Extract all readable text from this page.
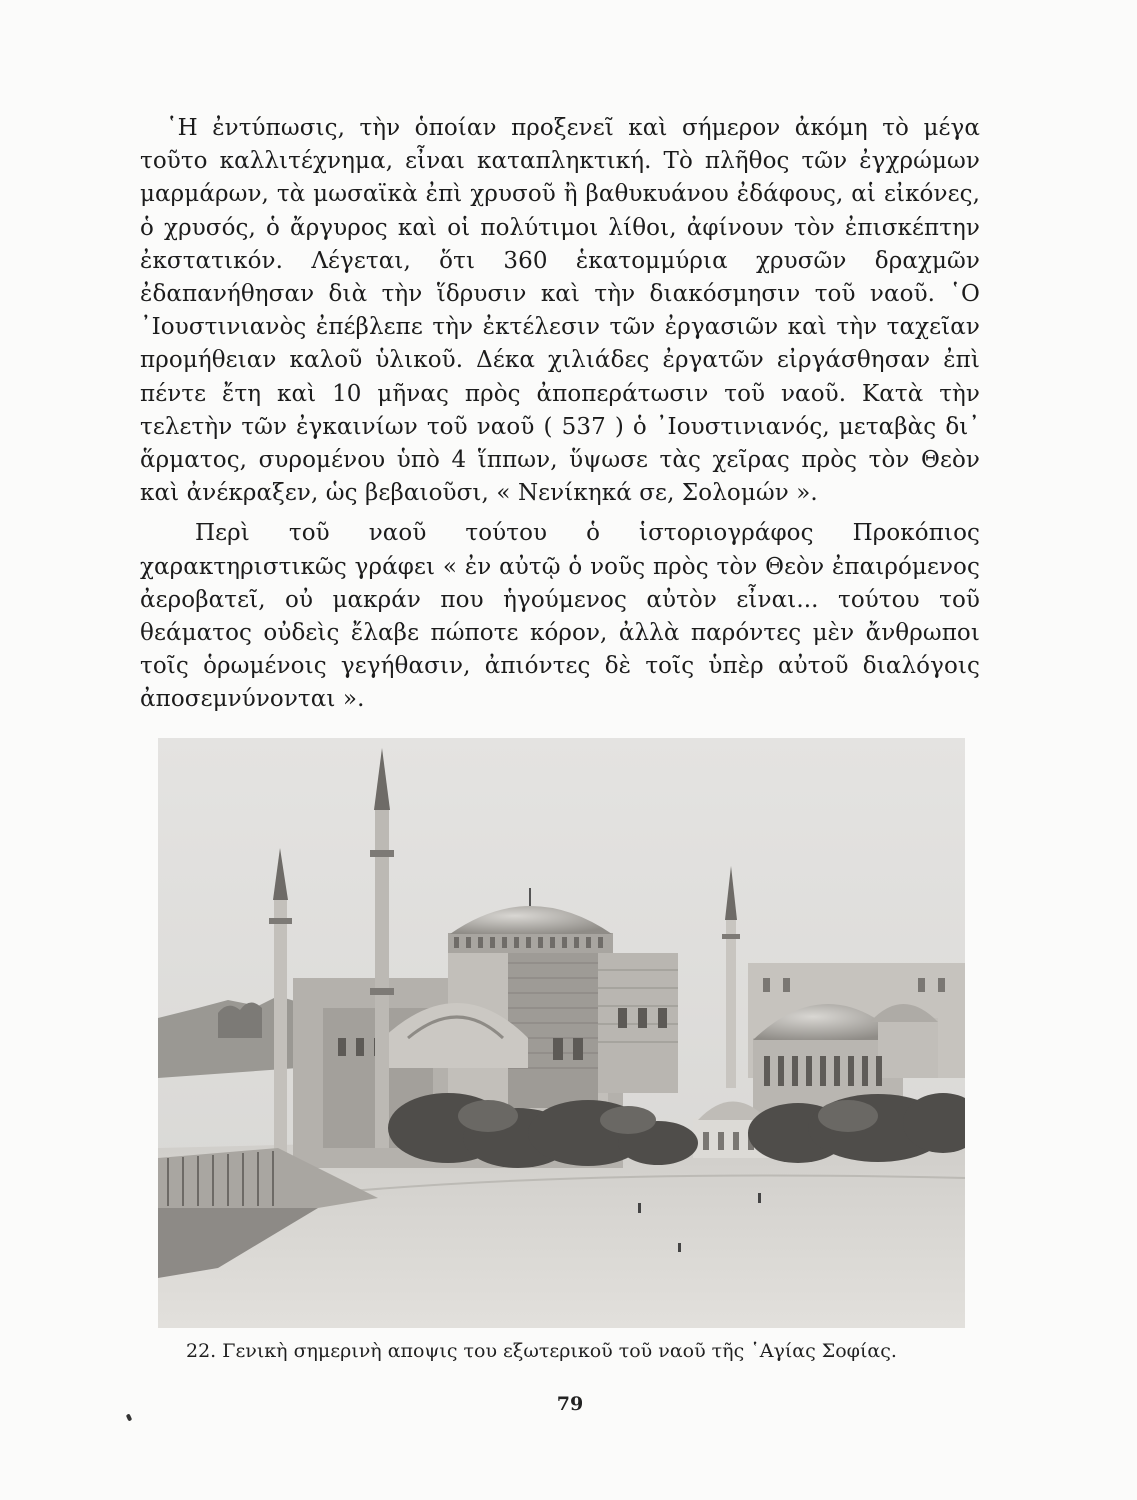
῾Η ἐντύπωσις, τὴν ὁποίαν προξενεῖ καὶ σήμερον ἀκόμη τὸ μέγα τοῦτο καλλιτέχνημα, εἶναι καταπληκτική. Τὸ πλῆθος τῶν ἐγχρώμων μαρμάρων, τὰ μωσαϊκὰ ἐπὶ χρυσοῦ ἢ βαθυκυάνου ἐδάφους, αἱ εἰκόνες, ὁ χρυσός, ὁ ἄργυρος καὶ οἱ πολύτιμοι λίθοι, ἀφίνουν τὸν ἐπισκέπτην ἐκστατικόν. Λέγεται, ὅτι 360 ἑκατομμύρια χρυσῶν δραχμῶν ἐδαπανήθησαν διὰ τὴν ἵδρυσιν καὶ τὴν διακόσμησιν τοῦ ναοῦ. ῾Ο ᾿Ιουστινιανὸς ἐπέβλεπε τὴν ἐκτέλεσιν τῶν ἐργασιῶν καὶ τὴν ταχεῖαν προμήθειαν καλοῦ ὑλικοῦ. Δέκα χιλιάδες ἐργατῶν εἰργάσθησαν ἐπὶ πέντε ἔτη καὶ 10 μῆνας πρὸς ἀποπεράτωσιν τοῦ ναοῦ. Κατὰ τὴν τελετὴν τῶν ἐγκαινίων τοῦ ναοῦ ( 537 ) ὁ ᾿Ιουστινιανός, μεταβὰς δι᾿ ἅρματος, συρομένου ὑπὸ 4 ἵππων, ὕψωσε τὰς χεῖρας πρὸς τὸν Θεὸν καὶ ἀνέκραξεν, ὡς βεβαιοῦσι, « Νενίκηκά σε, Σολομών ».

Περὶ τοῦ ναοῦ τούτου ὁ ἱστοριογράφος Προκόπιος χαρακτηριστικῶς γράφει « ἐν αὐτῷ ὁ νοῦς πρὸς τὸν Θεὸν ἐπαιρόμενος ἀεροβατεῖ, οὐ μακράν που ἡγούμενος αὐτὸν εἶναι... τούτου τοῦ θεάματος οὐδεὶς ἔλαβε πώποτε κόρον, ἀλλὰ παρόντες μὲν ἄνθρωποι τοῖς ὁρωμένοις γεγήθασιν, ἀπιόντες δὲ τοῖς ὑπὲρ αὐτοῦ διαλόγοις ἀποσεμνύνονται ».

22. Γενικὴ σημερινὴ αποψις του εξωτερικοῦ τοῦ ναοῦ τῆς ῾Αγίας Σοφίας.
79
